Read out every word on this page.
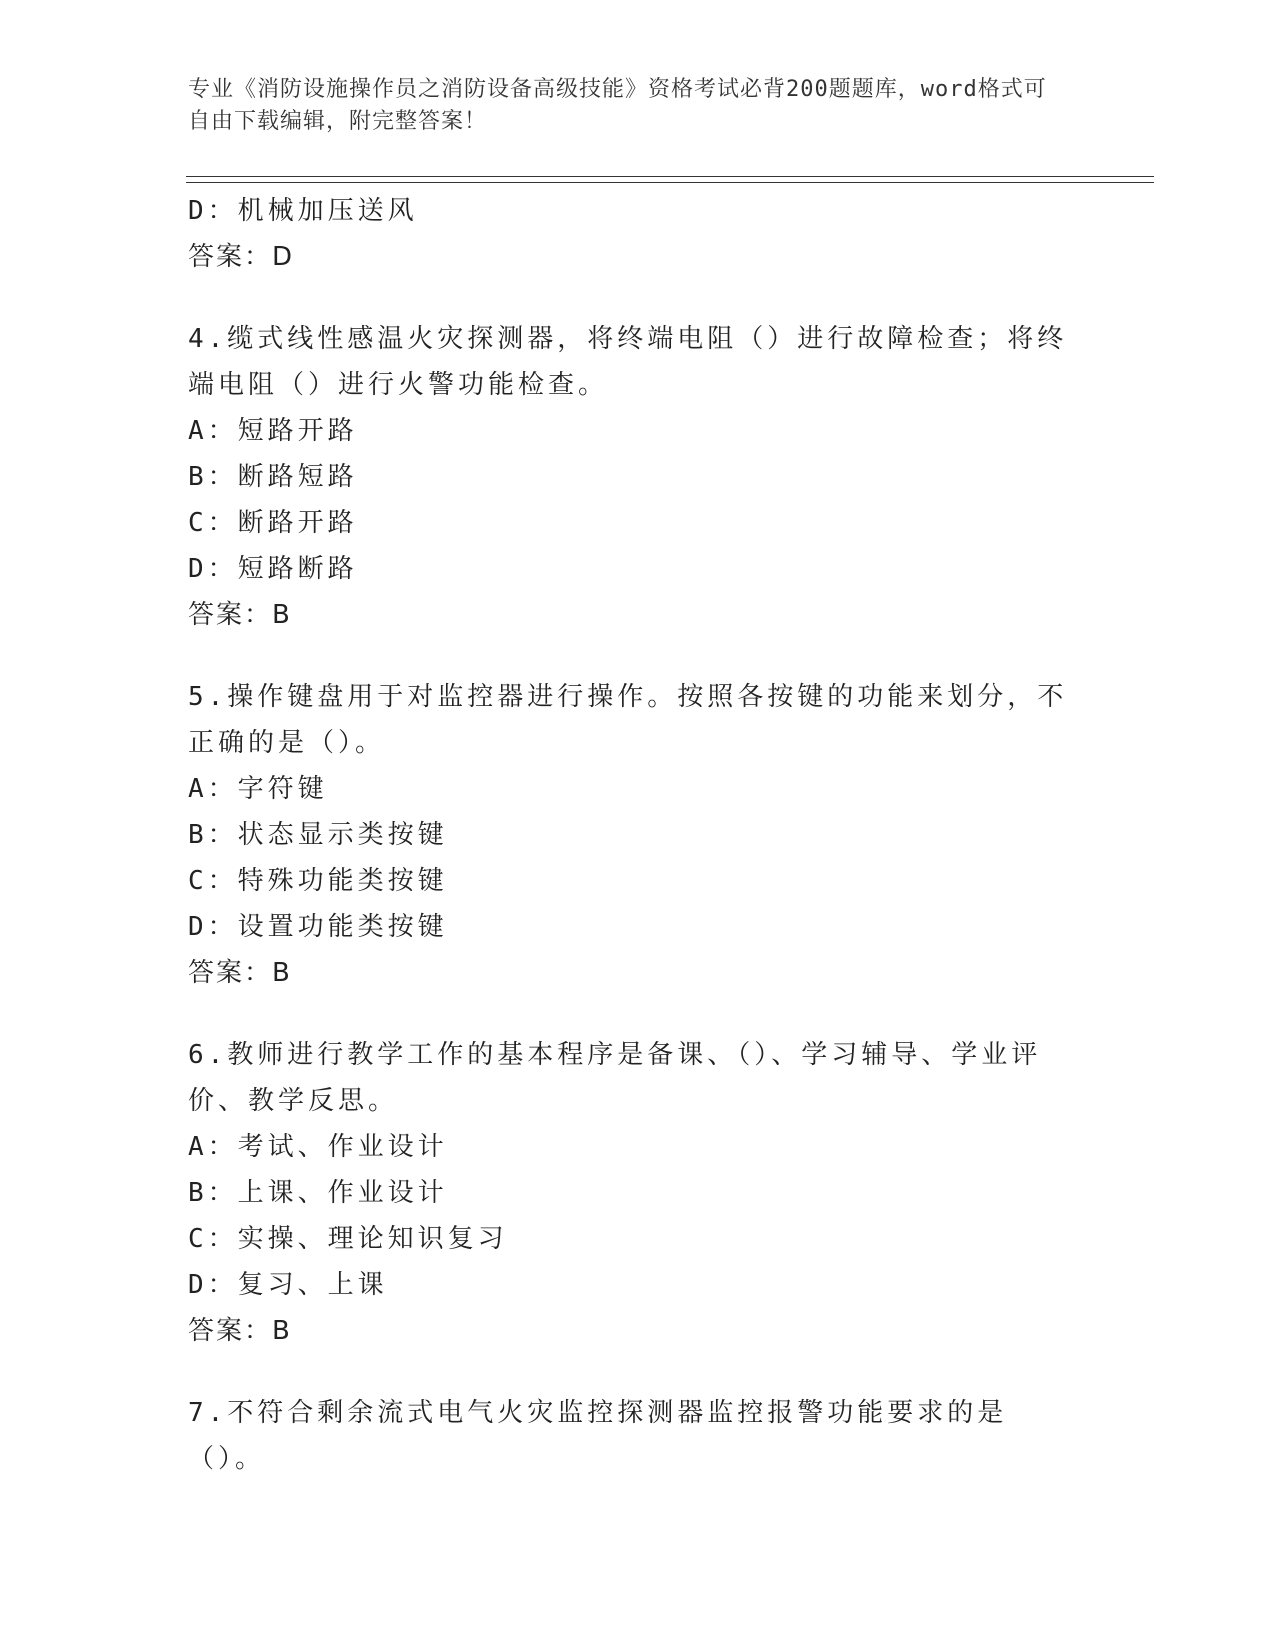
专业《消防设施操作员之消防设备高级技能》资格考试必背200题题库，word格式可自由下载编辑，附完整答案！
D：机械加压送风
答案：D
4.缆式线性感温火灾探测器，将终端电阻（）进行故障检查；将终端电阻（）进行火警功能检查。
A：短路开路
B：断路短路
C：断路开路
D：短路断路
答案：B
5.操作键盘用于对监控器进行操作。按照各按键的功能来划分，不正确的是（）。
A：字符键
B：状态显示类按键
C：特殊功能类按键
D：设置功能类按键
答案：B
6.教师进行教学工作的基本程序是备课、（）、学习辅导、学业评价、教学反思。
A：考试、作业设计
B：上课、作业设计
C：实操、理论知识复习
D：复习、上课
答案：B
7.不符合剩余流式电气火灾监控探测器监控报警功能要求的是（）。
